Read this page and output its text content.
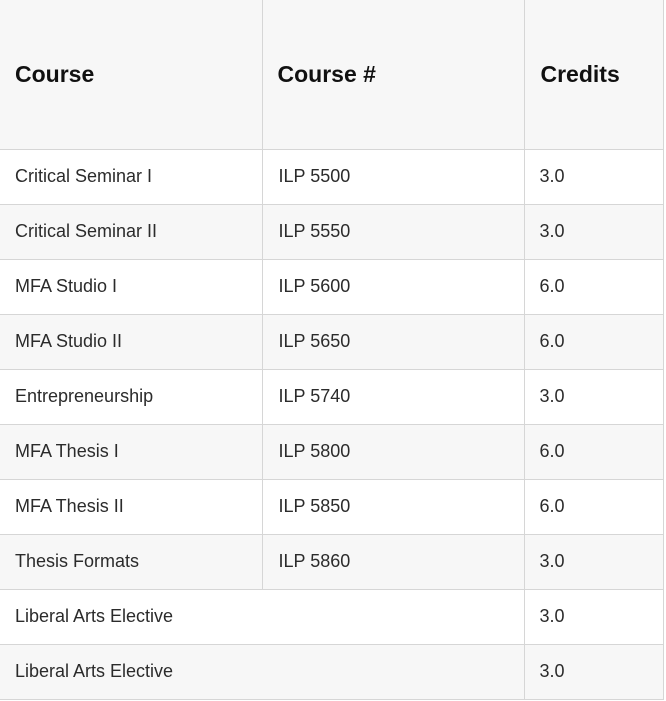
Course	Course #	Credits
Critical Seminar I	ILP 5500	3.0
Critical Seminar II	ILP 5550	3.0
MFA Studio I	ILP 5600	6.0
MFA Studio II	ILP 5650	6.0
Entrepreneurship	ILP 5740	3.0
MFA Thesis I	ILP 5800	6.0
MFA Thesis II	ILP 5850	6.0
Thesis Formats	ILP 5860	3.0
Liberal Arts Elective		3.0
Liberal Arts Elective		3.0
